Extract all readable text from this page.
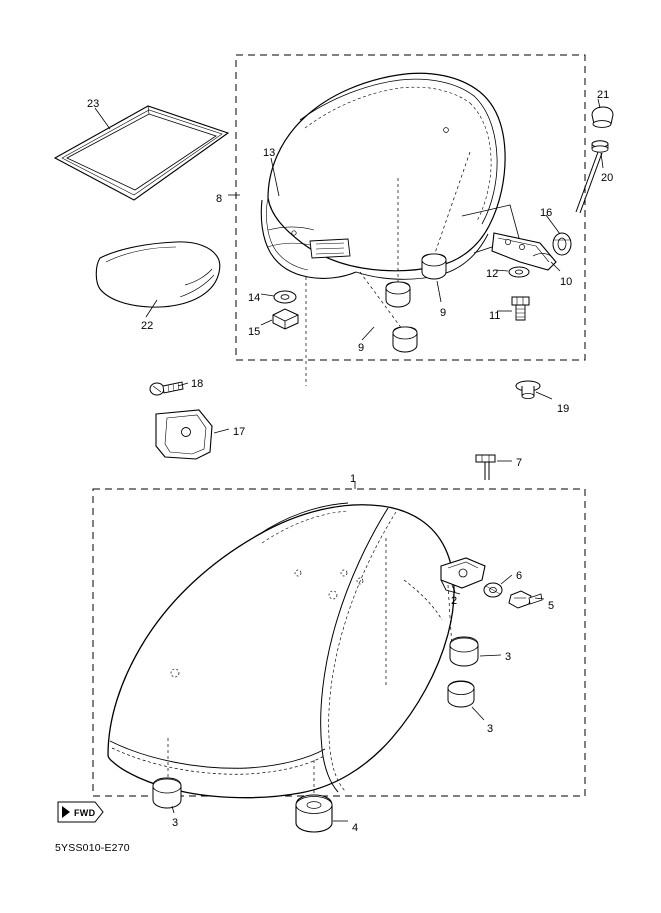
FWD
5YSS010-E270
1
8
23
22
13
14
15
9
9	11
12
16
10
21
20
19
18
17
7
6
5
2
3
3
3	4
